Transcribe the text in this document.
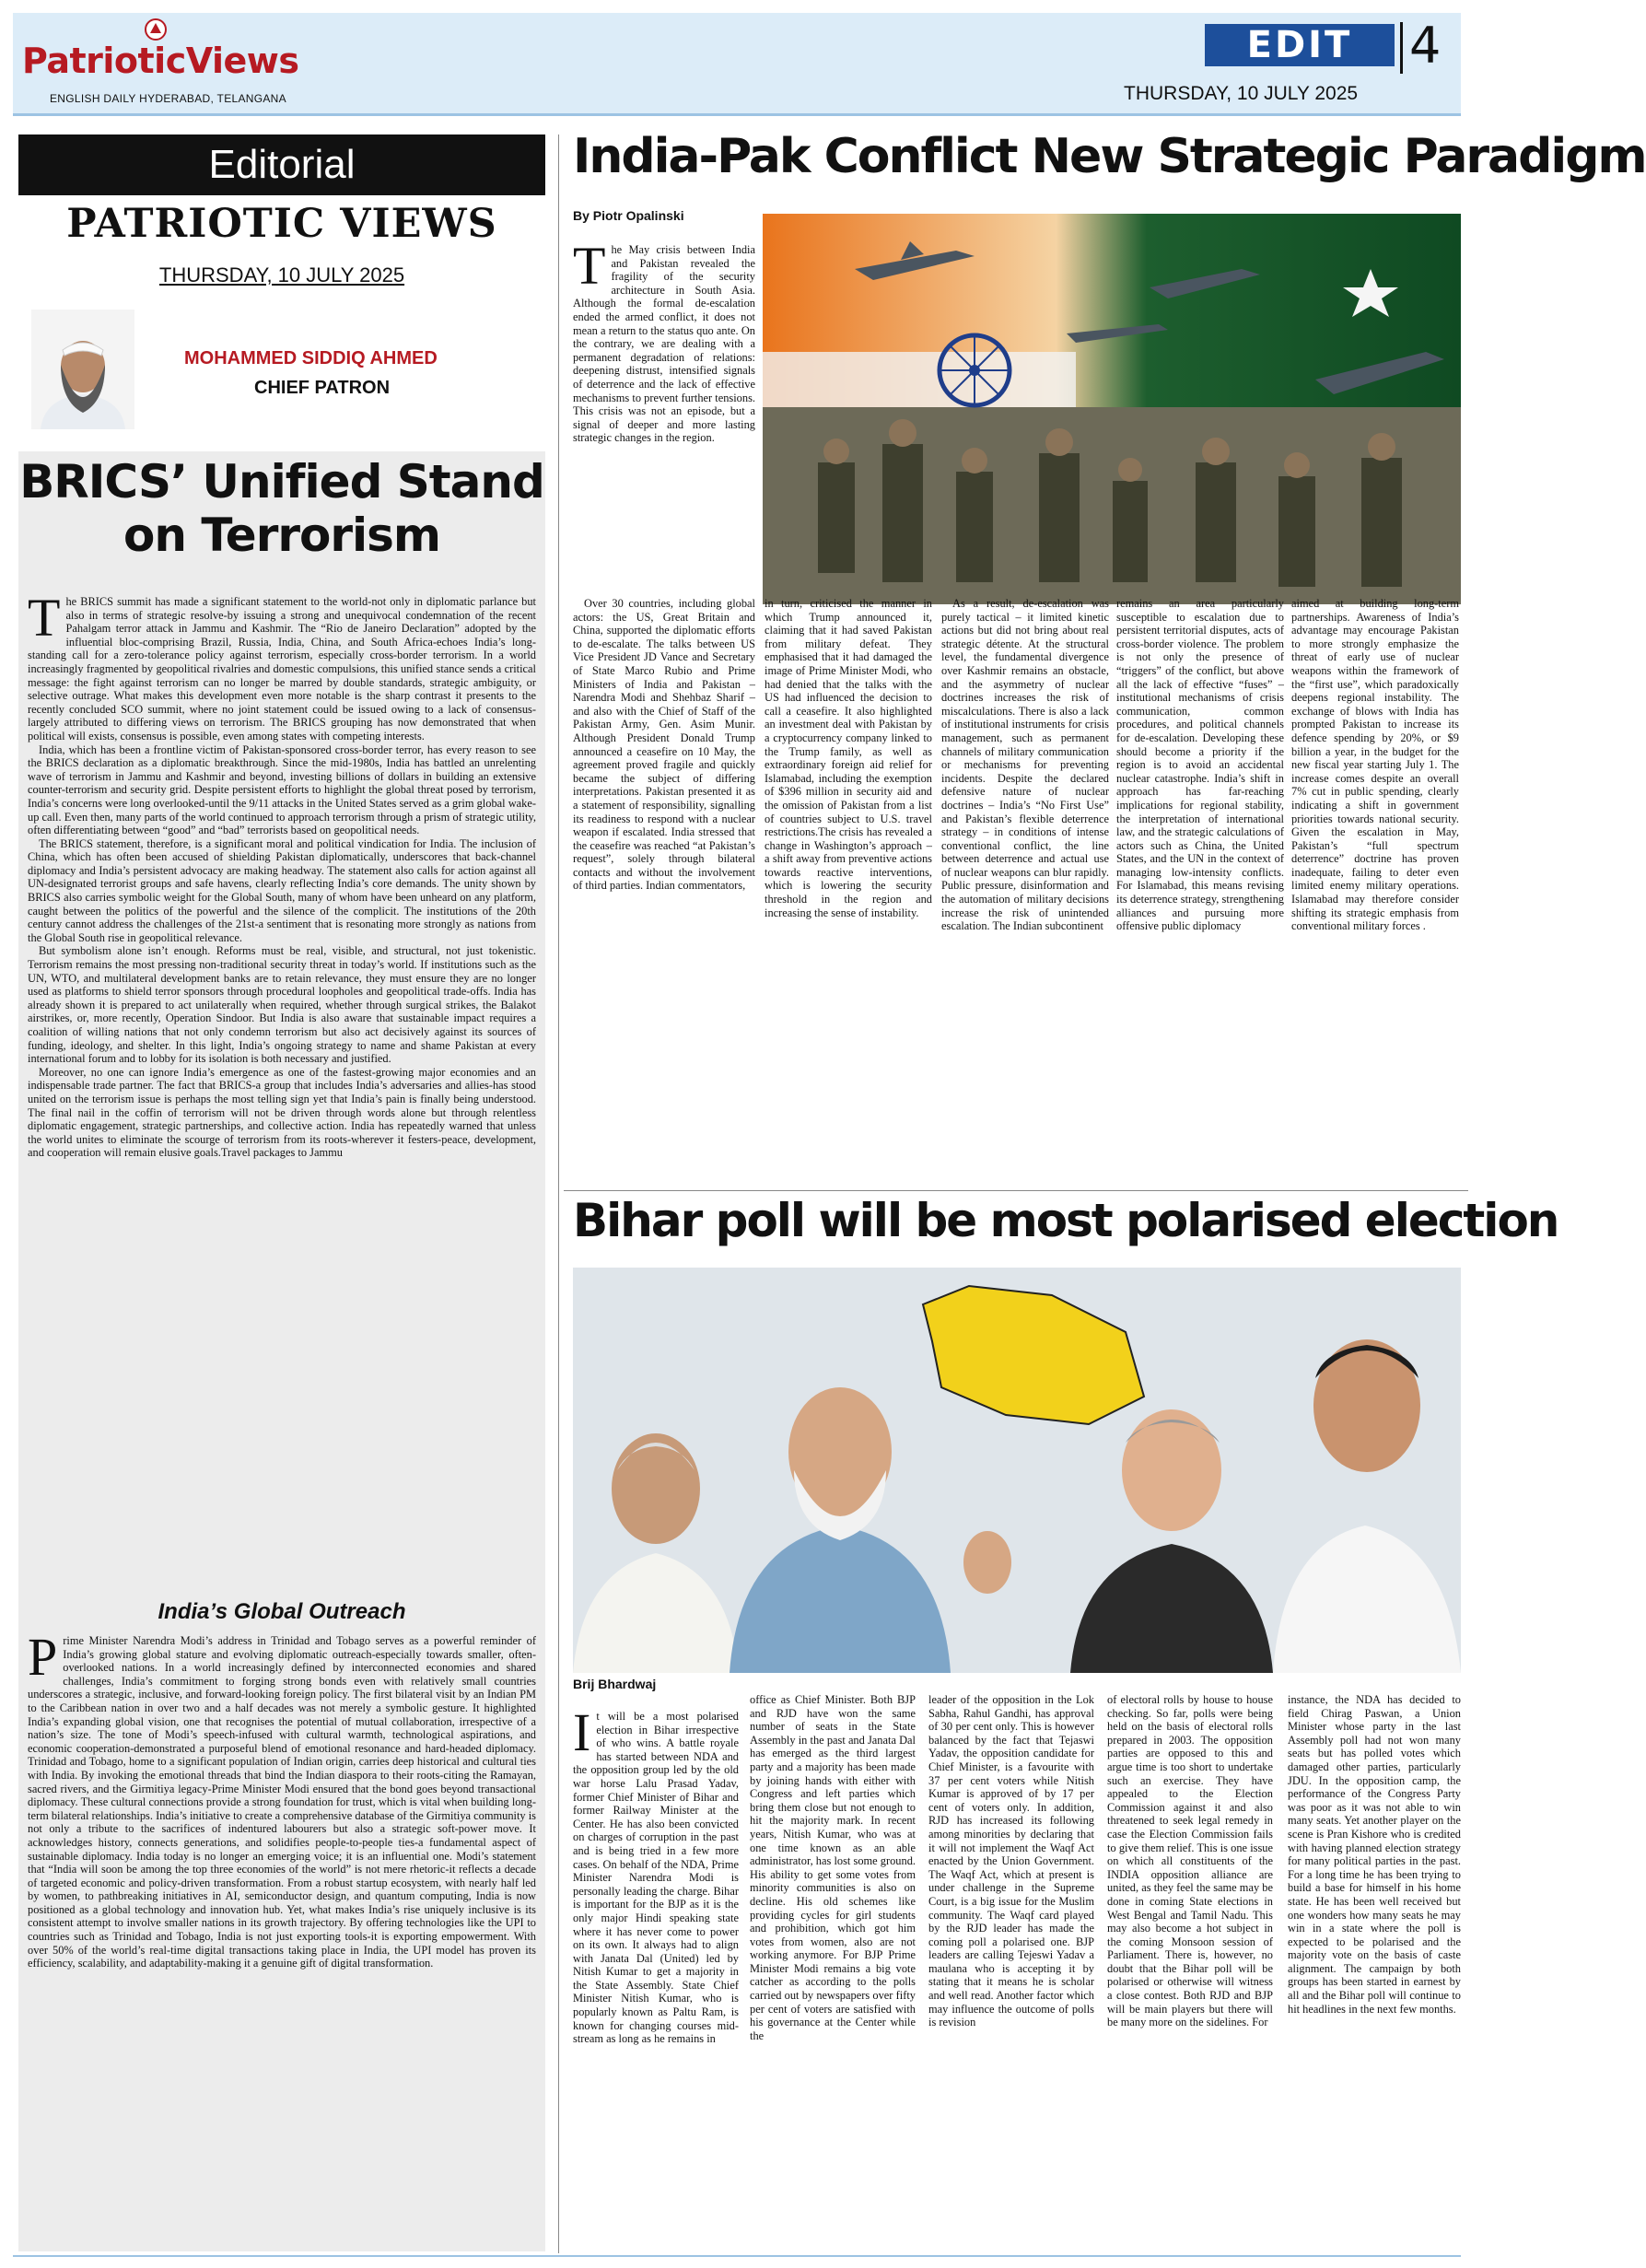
PatrioticViews
ENGLISH DAILY HYDERABAD, TELANGANA
EDIT	4
THURSDAY, 10 JULY 2025
Editorial
PATRIOTIC VIEWS
THURSDAY, 10 JULY 2025
MOHAMMED SIDDIQ AHMED
CHIEF PATRON
BRICS’ Unified Stand on Terrorism

The BRICS summit has made a significant statement to the world-not only in diplomatic parlance but also in terms of strategic resolve-by issuing a strong and unequivocal condemnation of the recent Pahalgam terror attack in Jammu and Kashmir. The “Rio de Janeiro Declaration” adopted by the influential bloc-comprising Brazil, Russia, India, China, and South Africa-echoes India’s long-standing call for a zero-tolerance policy against terrorism, especially cross-border terrorism. In a world increasingly fragmented by geopolitical rivalries and domestic compulsions, this unified stance sends a critical message: the fight against terrorism can no longer be marred by double standards, strategic ambiguity, or selective outrage. What makes this development even more notable is the sharp contrast it presents to the recently concluded SCO summit, where no joint statement could be issued owing to a lack of consensus-largely attributed to differing views on terrorism. The BRICS grouping has now demonstrated that when political will exists, consensus is possible, even among states with competing interests.

India, which has been a frontline victim of Pakistan-sponsored cross-border terror, has every reason to see the BRICS declaration as a diplomatic breakthrough. Since the mid-1980s, India has battled an unrelenting wave of terrorism in Jammu and Kashmir and beyond, investing billions of dollars in building an extensive counter-terrorism and security grid. Despite persistent efforts to highlight the global threat posed by terrorism, India’s concerns were long overlooked-until the 9/11 attacks in the United States served as a grim global wake-up call. Even then, many parts of the world continued to approach terrorism through a prism of strategic utility, often differentiating between “good” and “bad” terrorists based on geopolitical needs.

The BRICS statement, therefore, is a significant moral and political vindication for India. The inclusion of China, which has often been accused of shielding Pakistan diplomatically, underscores that back-channel diplomacy and India’s persistent advocacy are making headway. The statement also calls for action against all UN-designated terrorist groups and safe havens, clearly reflecting India’s core demands. The unity shown by BRICS also carries symbolic weight for the Global South, many of whom have been unheard on any platform, caught between the politics of the powerful and the silence of the complicit. The institutions of the 20th century cannot address the challenges of the 21st-a sentiment that is resonating more strongly as nations from the Global South rise in geopolitical relevance.

But symbolism alone isn’t enough. Reforms must be real, visible, and structural, not just tokenistic. Terrorism remains the most pressing non-traditional security threat in today’s world. If institutions such as the UN, WTO, and multilateral development banks are to retain relevance, they must ensure they are no longer used as platforms to shield terror sponsors through procedural loopholes and geopolitical trade-offs. India has already shown it is prepared to act unilaterally when required, whether through surgical strikes, the Balakot airstrikes, or, more recently, Operation Sindoor. But India is also aware that sustainable impact requires a coalition of willing nations that not only condemn terrorism but also act decisively against its sources of funding, ideology, and shelter. In this light, India’s ongoing strategy to name and shame Pakistan at every international forum and to lobby for its isolation is both necessary and justified.

Moreover, no one can ignore India’s emergence as one of the fastest-growing major economies and an indispensable trade partner. The fact that BRICS-a group that includes India’s adversaries and allies-has stood united on the terrorism issue is perhaps the most telling sign yet that India’s pain is finally being understood. The final nail in the coffin of terrorism will not be driven through words alone but through relentless diplomatic engagement, strategic partnerships, and collective action. India has repeatedly warned that unless the world unites to eliminate the scourge of terrorism from its roots-wherever it festers-peace, development, and cooperation will remain elusive goals.Travel packages to Jammu

India’s Global Outreach

Prime Minister Narendra Modi’s address in Trinidad and Tobago serves as a powerful reminder of India’s growing global stature and evolving diplomatic outreach-especially towards smaller, often-overlooked nations. In a world increasingly defined by interconnected economies and shared challenges, India’s commitment to forging strong bonds even with relatively small countries underscores a strategic, inclusive, and forward-looking foreign policy. The first bilateral visit by an Indian PM to the Caribbean nation in over two and a half decades was not merely a symbolic gesture. It highlighted India’s expanding global vision, one that recognises the potential of mutual collaboration, irrespective of a nation’s size. The tone of Modi’s speech-infused with cultural warmth, technological aspirations, and economic cooperation-demonstrated a purposeful blend of emotional resonance and hard-headed diplomacy. Trinidad and Tobago, home to a significant population of Indian origin, carries deep historical and cultural ties with India. By invoking the emotional threads that bind the Indian diaspora to their roots-citing the Ramayan, sacred rivers, and the Girmitiya legacy-Prime Minister Modi ensured that the bond goes beyond transactional diplomacy. These cultural connections provide a strong foundation for trust, which is vital when building long-term bilateral relationships. India’s initiative to create a comprehensive database of the Girmitiya community is not only a tribute to the sacrifices of indentured labourers but also a strategic soft-power move. It acknowledges history, connects generations, and solidifies people-to-people ties-a fundamental aspect of sustainable diplomacy. India today is no longer an emerging voice; it is an influential one. Modi’s statement that “India will soon be among the top three economies of the world” is not mere rhetoric-it reflects a decade of targeted economic and policy-driven transformation. From a robust startup ecosystem, with nearly half led by women, to pathbreaking initiatives in AI, semiconductor design, and quantum computing, India is now positioned as a global technology and innovation hub. Yet, what makes India’s rise uniquely inclusive is its consistent attempt to involve smaller nations in its growth trajectory. By offering technologies like the UPI to countries such as Trinidad and Tobago, India is not just exporting tools-it is exporting empowerment. With over 50% of the world’s real-time digital transactions taking place in India, the UPI model has proven its efficiency, scalability, and adaptability-making it a genuine gift of digital transformation.

India-Pak Conflict New Strategic Paradigm
By Piotr Opalinski

The May crisis between India and Pakistan revealed the fragility of the security architecture in South Asia. Although the formal de-escalation ended the armed conflict, it does not mean a return to the status quo ante. On the contrary, we are dealing with a permanent degradation of relations: deepening distrust, intensified signals of deterrence and the lack of effective mechanisms to prevent further tensions. This crisis was not an episode, but a signal of deeper and more lasting strategic changes in the region.

Over 30 countries, including global actors: the US, Great Britain and China, supported the diplomatic efforts to de-escalate. The talks between US Vice President JD Vance and Secretary of State Marco Rubio and Prime Ministers of India and Pakistan – Narendra Modi and Shehbaz Sharif – and also with the Chief of Staff of the Pakistan Army, Gen. Asim Munir. Although President Donald Trump announced a ceasefire on 10 May, the agreement proved fragile and quickly became the subject of differing interpretations. Pakistan presented it as a statement of responsibility, signalling its readiness to respond with a nuclear weapon if escalated. India stressed that the ceasefire was reached “at Pakistan’s request”, solely through bilateral contacts and without the involvement of third parties. Indian commentators,

in turn, criticised the manner in which Trump announced it, claiming that it had saved Pakistan from military defeat. They emphasised that it had damaged the image of Prime Minister Modi, who had denied that the talks with the US had influenced the decision to call a ceasefire. It also highlighted an investment deal with Pakistan by a cryptocurrency company linked to the Trump family, as well as extraordinary foreign aid relief for Islamabad, including the exemption of $396 million in security aid and the omission of Pakistan from a list of countries subject to U.S. travel restrictions.The crisis has revealed a change in Washington’s approach – a shift away from preventive actions towards reactive interventions, which is lowering the security threshold in the region and increasing the sense of instability.

As a result, de-escalation was purely tactical – it limited kinetic actions but did not bring about real strategic détente. At the structural level, the fundamental divergence over Kashmir remains an obstacle, and the asymmetry of nuclear doctrines increases the risk of miscalculations. There is also a lack of institutional instruments for crisis management, such as permanent channels of military communication or mechanisms for preventing incidents. Despite the declared defensive nature of nuclear doctrines – India’s “No First Use” and Pakistan’s flexible deterrence strategy – in conditions of intense conventional conflict, the line between deterrence and actual use of nuclear weapons can blur rapidly. Public pressure, disinformation and the automation of military decisions increase the risk of unintended escalation. The Indian subcontinent

remains an area particularly susceptible to escalation due to persistent territorial disputes, acts of cross-border violence. The problem is not only the presence of “triggers” of the conflict, but above all the lack of effective “fuses” – institutional mechanisms of crisis communication, common procedures, and political channels for de-escalation. Developing these should become a priority if the region is to avoid an accidental nuclear catastrophe. India’s shift in approach has far-reaching implications for regional stability, the interpretation of international law, and the strategic calculations of actors such as China, the United States, and the UN in the context of managing low-intensity conflicts. For Islamabad, this means revising its deterrence strategy, strengthening alliances and pursuing more offensive public diplomacy

aimed at building long-term partnerships. Awareness of India’s advantage may encourage Pakistan to more strongly emphasize the threat of early use of nuclear weapons within the framework of the “first use”, which paradoxically deepens regional instability. The exchange of blows with India has prompted Pakistan to increase its defence spending by 20%, or $9 billion a year, in the budget for the new fiscal year starting July 1. The increase comes despite an overall 7% cut in public spending, clearly indicating a shift in government priorities towards national security. Given the escalation in May, Pakistan’s “full spectrum deterrence” doctrine has proven inadequate, failing to deter even limited enemy military operations. Islamabad may therefore consider shifting its strategic emphasis from conventional military forces .

Bihar poll will be most polarised election
Brij Bhardwaj

It will be a most polarised election in Bihar irrespective of who wins. A battle royale has started between NDA and the opposition group led by the old war horse Lalu Prasad Yadav, former Chief Minister of Bihar and former Railway Minister at the Center. He has also been convicted on charges of corruption in the past and is being tried in a few more cases. On behalf of the NDA, Prime Minister Narendra Modi is personally leading the charge. Bihar is important for the BJP as it is the only major Hindi speaking state where it has never come to power on its own. It always had to align with Janata Dal (United) led by Nitish Kumar to get a majority in the State Assembly. State Chief Minister Nitish Kumar, who is popularly known as Paltu Ram, is known for changing courses mid-stream as long as he remains in

office as Chief Minister. Both BJP and RJD have won the same number of seats in the State Assembly in the past and Janata Dal has emerged as the third largest party and a majority has been made by joining hands with either with Congress and left parties which bring them close but not enough to hit the majority mark. In recent years, Nitish Kumar, who was at one time known as an able administrator, has lost some ground. His ability to get some votes from minority communities is also on decline. His old schemes like providing cycles for girl students and prohibition, which got him votes from women, also are not working anymore. For BJP Prime Minister Modi remains a big vote catcher as according to the polls carried out by newspapers over fifty per cent of voters are satisfied with his governance at the Center while the

leader of the opposition in the Lok Sabha, Rahul Gandhi, has approval of 30 per cent only. This is however balanced by the fact that Tejaswi Yadav, the opposition candidate for Chief Minister, is a favourite with 37 per cent voters while Nitish Kumar is approved of by 17 per cent of voters only. In addition, RJD has increased its following among minorities by declaring that it will not implement the Waqf Act enacted by the Union Government. The Waqf Act, which at present is under challenge in the Supreme Court, is a big issue for the Muslim community. The Waqf card played by the RJD leader has made the coming poll a polarised one. BJP leaders are calling Tejeswi Yadav a maulana who is accepting it by stating that it means he is scholar and well read. Another factor which may influence the outcome of polls is revision

of electoral rolls by house to house checking. So far, polls were being held on the basis of electoral rolls prepared in 2003. The opposition parties are opposed to this and argue time is too short to undertake such an exercise. They have appealed to the Election Commission against it and also threatened to seek legal remedy in case the Election Commission fails to give them relief. This is one issue on which all constituents of the INDIA opposition alliance are united, as they feel the same may be done in coming State elections in West Bengal and Tamil Nadu. This may also become a hot subject in the coming Monsoon session of Parliament. There is, however, no doubt that the Bihar poll will be polarised or otherwise will witness a close contest. Both RJD and BJP will be main players but there will be many more on the sidelines. For

instance, the NDA has decided to field Chirag Paswan, a Union Minister whose party in the last Assembly poll had not won many seats but has polled votes which damaged other parties, particularly JDU. In the opposition camp, the performance of the Congress Party was poor as it was not able to win many seats. Yet another player on the scene is Pran Kishore who is credited with having planned election strategy for many political parties in the past. For a long time he has been trying to build a base for himself in his home state. He has been well received but one wonders how many seats he may win in a state where the poll is expected to be polarised and the majority vote on the basis of caste alignment. The campaign by both groups has been started in earnest by all and the Bihar poll will continue to hit headlines in the next few months.
